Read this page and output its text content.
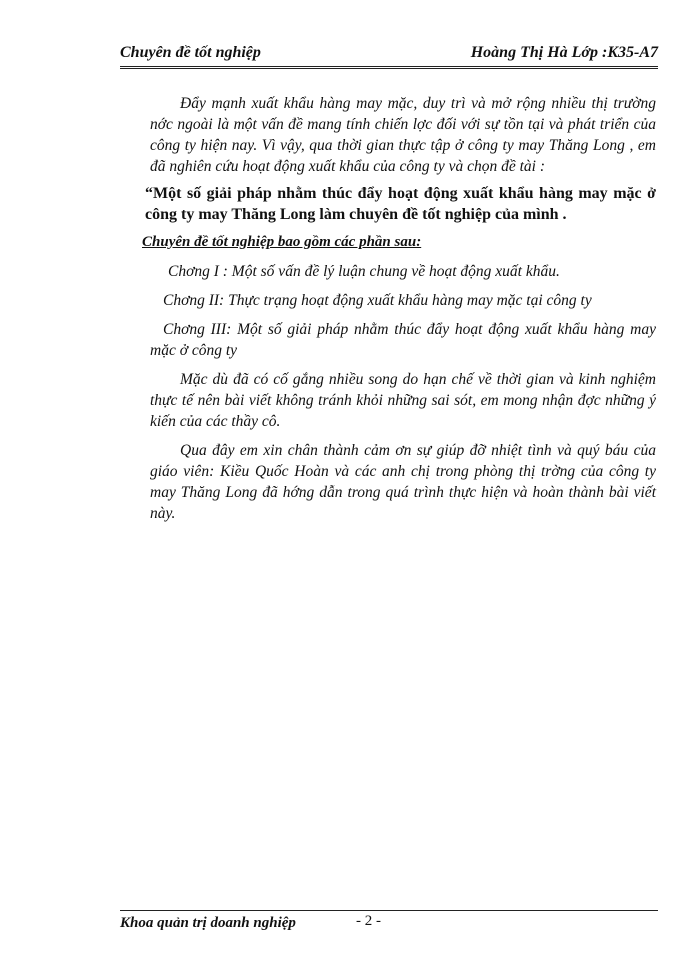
Chuyên đề tốt nghiệp	Hoàng Thị Hà Lớp :K35-A7

Đẩy mạnh xuất khẩu hàng may mặc, duy trì và mở rộng nhiều thị trường nớc ngoài là một vấn đề mang tính chiến lợc đối với sự tồn tại và phát triển của công ty hiện nay. Vì vậy, qua thời gian thực tập ở công ty may Thăng Long , em đã nghiên cứu hoạt động xuất khẩu của công ty và chọn đề tài :

“Một số giải pháp nhằm thúc đẩy hoạt động xuất khẩu hàng may mặc ở công ty may Thăng Long làm chuyên đề tốt nghiệp của mình .

Chuyên đề tốt nghiệp bao gồm các phần sau:

Chơng I : Một số vấn đề lý luận chung về hoạt động xuất khẩu.

Chơng II: Thực trạng hoạt động xuất khẩu hàng may mặc tại công ty

Chơng III: Một số giải pháp nhằm thúc đẩy hoạt động xuất khẩu hàng may mặc ở công ty

Mặc dù đã có cố gắng nhiều song do hạn chế về thời gian và kinh nghiệm thực tế nên bài viết không tránh khỏi những sai sót, em mong nhận đợc những ý kiến của các thầy cô.

Qua đây em xin chân thành cảm ơn sự giúp đỡ nhiệt tình và quý báu của giáo viên: Kiều Quốc Hoàn và các anh chị trong phòng thị trờng của công ty may Thăng Long đã hớng dẫn trong quá trình thực hiện và hoàn thành bài viết này.

Khoa quản trị doanh nghiệp	- 2 -
